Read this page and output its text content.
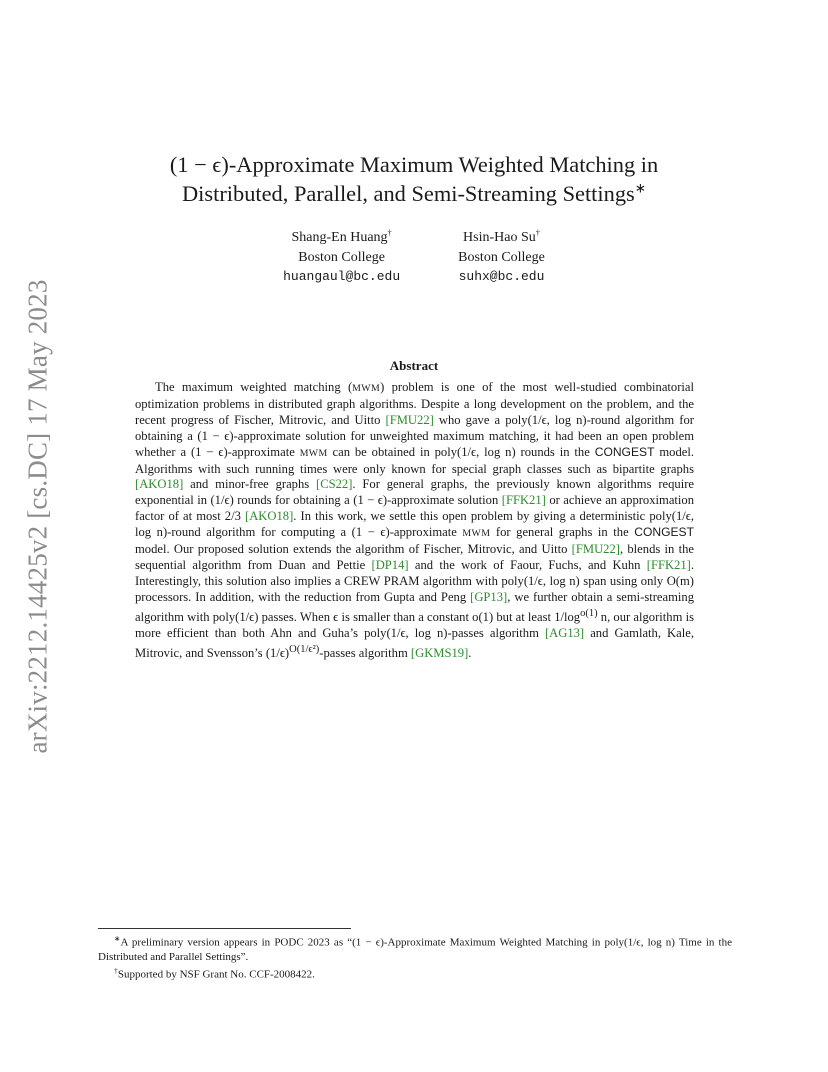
arXiv:2212.14425v2 [cs.DC] 17 May 2023
(1 − ϵ)-Approximate Maximum Weighted Matching in
Distributed, Parallel, and Semi-Streaming Settings∗
Shang-En Huang†
Boston College
huangaul@bc.edu
Hsin-Hao Su†
Boston College
suhx@bc.edu
Abstract

The maximum weighted matching (MWM) problem is one of the most well-studied combinatorial optimization problems in distributed graph algorithms. Despite a long development on the problem, and the recent progress of Fischer, Mitrovic, and Uitto [FMU22] who gave a poly(1/ϵ, log n)-round algorithm for obtaining a (1 − ϵ)-approximate solution for unweighted maximum matching, it had been an open problem whether a (1 − ϵ)-approximate MWM can be obtained in poly(1/ϵ, log n) rounds in the CONGEST model. Algorithms with such running times were only known for special graph classes such as bipartite graphs [AKO18] and minor-free graphs [CS22]. For general graphs, the previously known algorithms require exponential in (1/ϵ) rounds for obtaining a (1 − ϵ)-approximate solution [FFK21] or achieve an approximation factor of at most 2/3 [AKO18]. In this work, we settle this open problem by giving a deterministic poly(1/ϵ, log n)-round algorithm for computing a (1 − ϵ)-approximate MWM for general graphs in the CONGEST model. Our proposed solution extends the algorithm of Fischer, Mitrovic, and Uitto [FMU22], blends in the sequential algorithm from Duan and Pettie [DP14] and the work of Faour, Fuchs, and Kuhn [FFK21]. Interestingly, this solution also implies a CREW PRAM algorithm with poly(1/ϵ, log n) span using only O(m) processors. In addition, with the reduction from Gupta and Peng [GP13], we further obtain a semi-streaming algorithm with poly(1/ϵ) passes. When ϵ is smaller than a constant o(1) but at least $1/\log^{o(1)}$ n, our algorithm is more efficient than both Ahn and Guha’s poly(1/ϵ, log n)-passes algorithm [AG13] and Gamlath, Kale, Mitrovic, and Svensson’s $(1/\epsilon)^{O(1/\epsilon^2)}$-passes algorithm [GKMS19].

∗A preliminary version appears in PODC 2023 as “(1 − ϵ)-Approximate Maximum Weighted Matching in poly(1/ϵ, log n) Time in the Distributed and Parallel Settings”.

†Supported by NSF Grant No. CCF-2008422.
